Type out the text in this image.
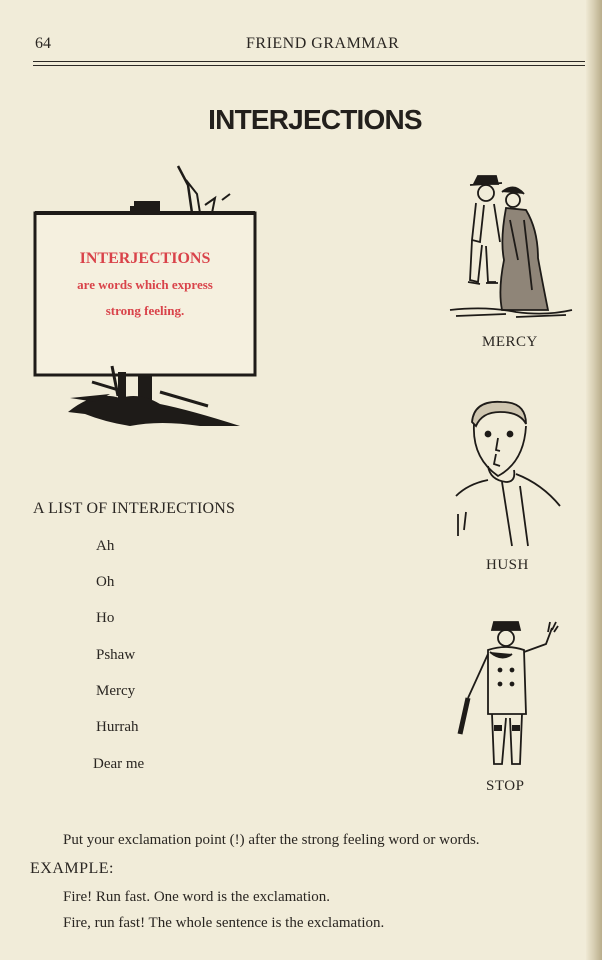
64	FRIEND GRAMMAR
INTERJECTIONS
INTERJECTIONS
are words which express
strong feeling.
A LIST OF INTERJECTIONS
Ah
Oh
Ho
Pshaw
Mercy
Hurrah
Dear me
MERCY
HUSH
STOP
Put your exclamation point (!) after the strong feeling word or words.
EXAMPLE:
Fire! Run fast. One word is the exclamation.
Fire, run fast! The whole sentence is the exclamation.
